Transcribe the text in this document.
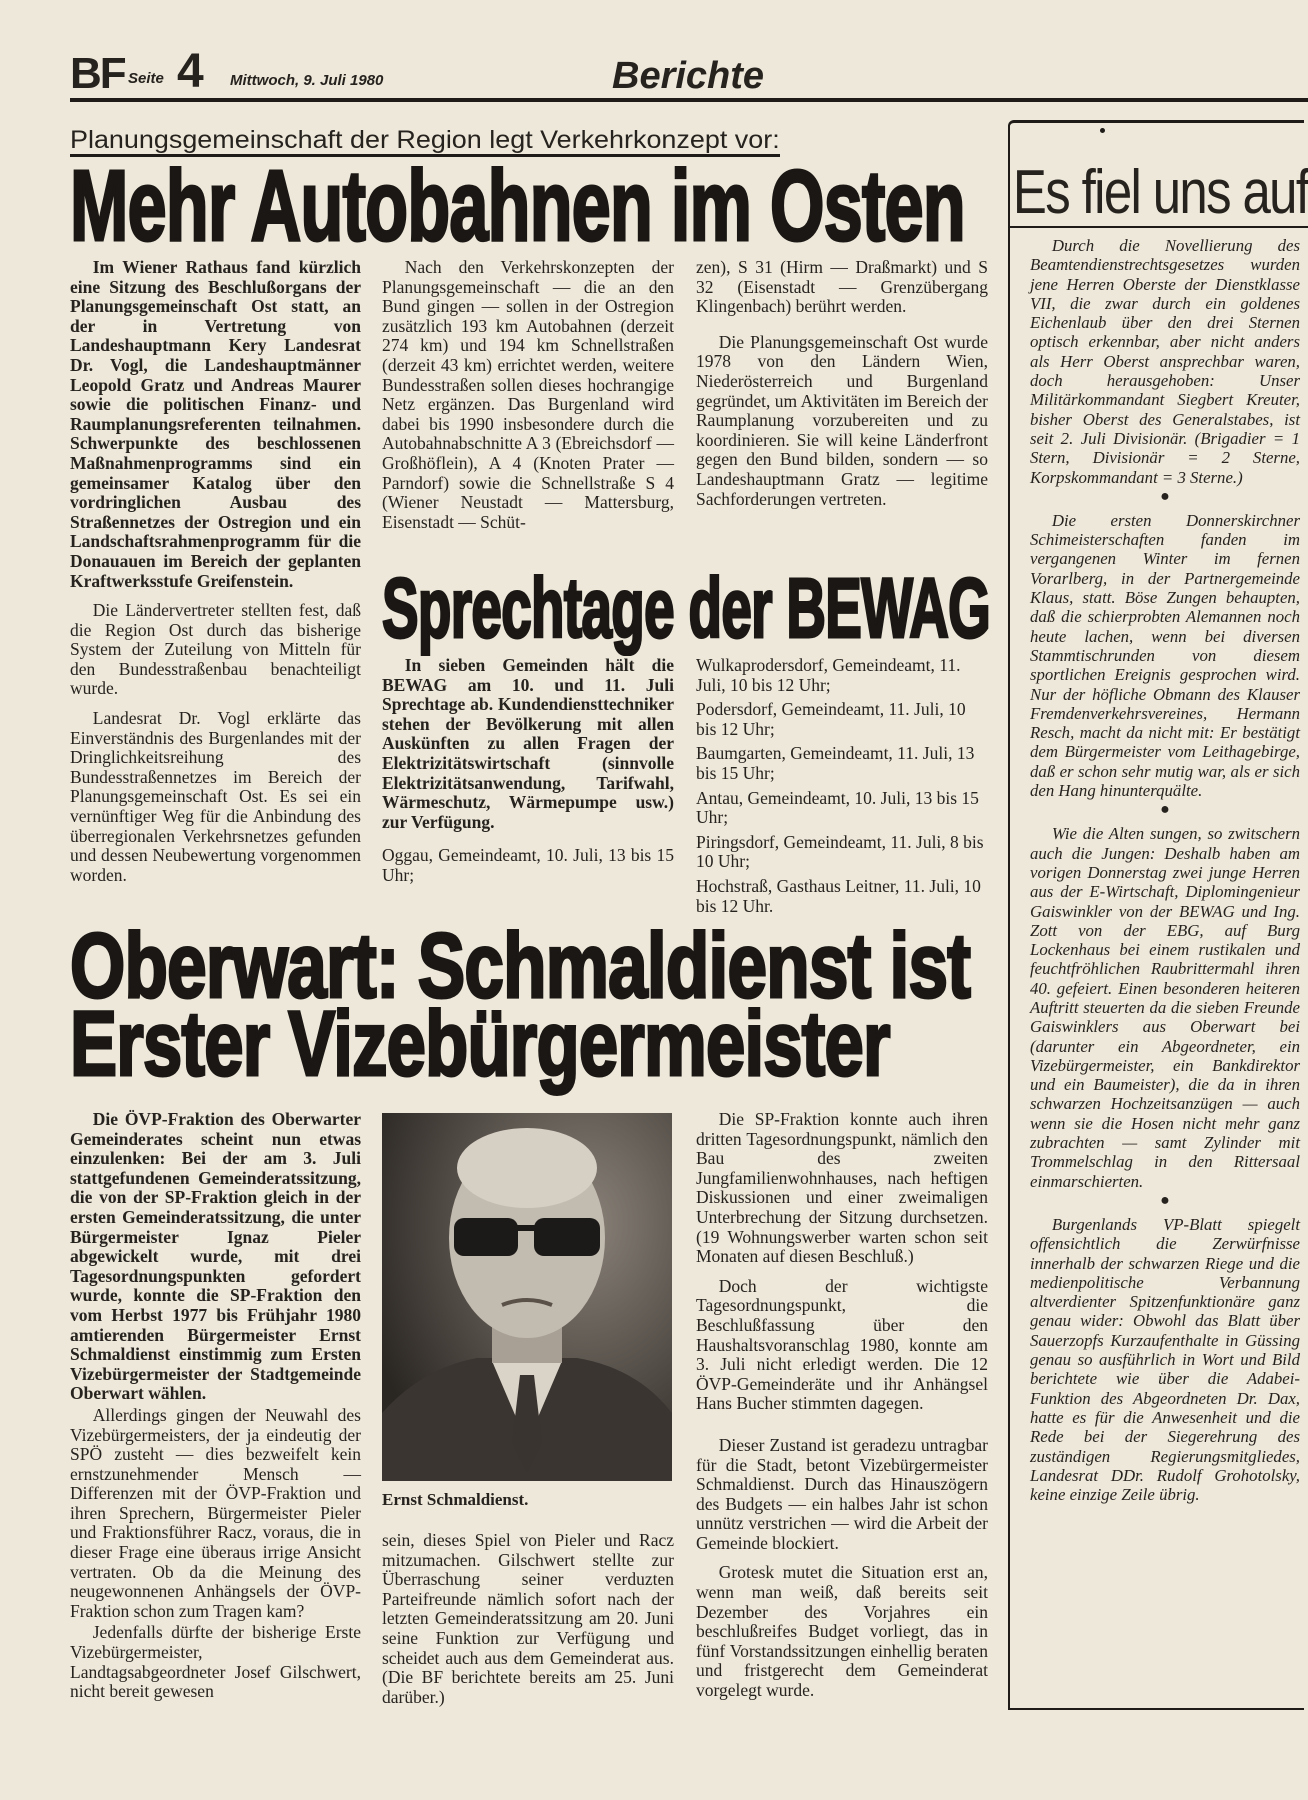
BF Seite 4 Mittwoch, 9. Juli 1980	Berichte
Planungsgemeinschaft der Region legt Verkehrkonzept vor:
Mehr Autobahnen im Osten

Im Wiener Rathaus fand kürzlich eine Sitzung des Beschlußorgans der Planungsgemeinschaft Ost statt, an der in Vertretung von Landeshauptmann Kery Landesrat Dr. Vogl, die Landeshauptmänner Leopold Gratz und Andreas Maurer sowie die politischen Finanz- und Raumplanungsreferenten teilnahmen. Schwerpunkte des beschlossenen Maßnahmenprogramms sind ein gemeinsamer Katalog über den vordringlichen Ausbau des Straßennetzes der Ostregion und ein Landschaftsrahmenprogramm für die Donauauen im Bereich der geplanten Kraftwerksstufe Greifenstein.

Die Ländervertreter stellten fest, daß die Region Ost durch das bisherige System der Zuteilung von Mitteln für den Bundesstraßenbau benachteiligt wurde.

Landesrat Dr. Vogl erklärte das Einverständnis des Burgenlandes mit der Dringlichkeitsreihung des Bundesstraßennetzes im Bereich der Planungsgemeinschaft Ost. Es sei ein vernünftiger Weg für die Anbindung des überregionalen Verkehrsnetzes gefunden und dessen Neubewertung vorgenommen worden.

Nach den Verkehrskonzepten der Planungsgemeinschaft — die an den Bund gingen — sollen in der Ostregion zusätzlich 193 km Autobahnen (derzeit 274 km) und 194 km Schnellstraßen (derzeit 43 km) errichtet werden, weitere Bundesstraßen sollen dieses hochrangige Netz ergänzen. Das Burgenland wird dabei bis 1990 insbesondere durch die Autobahnabschnitte A 3 (Ebreichsdorf — Großhöflein), A 4 (Knoten Prater — Parndorf) sowie die Schnellstraße S 4 (Wiener Neustadt — Mattersburg, Eisenstadt — Schüt-

zen), S 31 (Hirm — Draßmarkt) und S 32 (Eisenstadt — Grenzübergang Klingenbach) berührt werden.

Die Planungsgemeinschaft Ost wurde 1978 von den Ländern Wien, Niederösterreich und Burgenland gegründet, um Aktivitäten im Bereich der Raumplanung vorzubereiten und zu koordinieren. Sie will keine Länderfront gegen den Bund bilden, sondern — so Landeshauptmann Gratz — legitime Sachforderungen vertreten.

Sprechtage der BEWAG

In sieben Gemeinden hält die BEWAG am 10. und 11. Juli Sprechtage ab. Kundendiensttechniker stehen der Bevölkerung mit allen Auskünften zu allen Fragen der Elektrizitätswirtschaft (sinnvolle Elektrizitätsanwendung, Tarifwahl, Wärmeschutz, Wärmepumpe usw.) zur Verfügung.

Oggau, Gemeindeamt, 10. Juli, 13 bis 15 Uhr;

Wulkaprodersdorf, Gemeindeamt, 11. Juli, 10 bis 12 Uhr;

Podersdorf, Gemeindeamt, 11. Juli, 10 bis 12 Uhr;

Baumgarten, Gemeindeamt, 11. Juli, 13 bis 15 Uhr;

Antau, Gemeindeamt, 10. Juli, 13 bis 15 Uhr;

Piringsdorf, Gemeindeamt, 11. Juli, 8 bis 10 Uhr;

Hochstraß, Gasthaus Leitner, 11. Juli, 10 bis 12 Uhr.

Oberwart: Schmaldienst ist
Erster Vizebürgermeister

Die ÖVP-Fraktion des Oberwarter Gemeinderates scheint nun etwas einzulenken: Bei der am 3. Juli stattgefundenen Gemeinderatssitzung, die von der SP-Fraktion gleich in der ersten Gemeinderatssitzung, die unter Bürgermeister Ignaz Pieler abgewickelt wurde, mit drei Tagesordnungspunkten gefordert wurde, konnte die SP-Fraktion den vom Herbst 1977 bis Frühjahr 1980 amtierenden Bürgermeister Ernst Schmaldienst einstimmig zum Ersten Vizebürgermeister der Stadtgemeinde Oberwart wählen.

Allerdings gingen der Neuwahl des Vizebürgermeisters, der ja eindeutig der SPÖ zusteht — dies bezweifelt kein ernstzunehmender Mensch — Differenzen mit der ÖVP-Fraktion und ihren Sprechern, Bürgermeister Pieler und Fraktionsführer Racz, voraus, die in dieser Frage eine überaus irrige Ansicht vertraten. Ob da die Meinung des neugewonnenen Anhängsels der ÖVP-Fraktion schon zum Tragen kam?

Jedenfalls dürfte der bisherige Erste Vizebürgermeister, Landtagsabgeordneter Josef Gilschwert, nicht bereit gewesen

Ernst Schmaldienst.

sein, dieses Spiel von Pieler und Racz mitzumachen. Gilschwert stellte zur Überraschung seiner verduzten Parteifreunde nämlich sofort nach der letzten Gemeinderatssitzung am 20. Juni seine Funktion zur Verfügung und scheidet auch aus dem Gemeinderat aus. (Die BF berichtete bereits am 25. Juni darüber.)

Die SP-Fraktion konnte auch ihren dritten Tagesordnungspunkt, nämlich den Bau des zweiten Jungfamilienwohnhauses, nach heftigen Diskussionen und einer zweimaligen Unterbrechung der Sitzung durchsetzen. (19 Wohnungswerber warten schon seit Monaten auf diesen Beschluß.)

Doch der wichtigste Tagesordnungspunkt, die Beschlußfassung über den Haushaltsvoranschlag 1980, konnte am 3. Juli nicht erledigt werden. Die 12 ÖVP-Gemeinderäte und ihr Anhängsel Hans Bucher stimmten dagegen.

Dieser Zustand ist geradezu untragbar für die Stadt, betont Vizebürgermeister Schmaldienst. Durch das Hinauszögern des Budgets — ein halbes Jahr ist schon unnütz verstrichen — wird die Arbeit der Gemeinde blockiert.

Grotesk mutet die Situation erst an, wenn man weiß, daß bereits seit Dezember des Vorjahres ein beschlußreifes Budget vorliegt, das in fünf Vorstandssitzungen einhellig beraten und fristgerecht dem Gemeinderat vorgelegt wurde.

Es fiel uns auf

Durch die Novellierung des Beamtendienstrechtsgesetzes wurden jene Herren Oberste der Dienstklasse VII, die zwar durch ein goldenes Eichenlaub über den drei Sternen optisch erkennbar, aber nicht anders als Herr Oberst ansprechbar waren, doch herausgehoben: Unser Militärkommandant Siegbert Kreuter, bisher Oberst des Generalstabes, ist seit 2. Juli Divisionär. (Brigadier = 1 Stern, Divisionär = 2 Sterne, Korpskommandant = 3 Sterne.)

●

Die ersten Donnerskirchner Schimeisterschaften fanden im vergangenen Winter im fernen Vorarlberg, in der Partnergemeinde Klaus, statt. Böse Zungen behaupten, daß die schierprobten Alemannen noch heute lachen, wenn bei diversen Stammtischrunden von diesem sportlichen Ereignis gesprochen wird. Nur der höfliche Obmann des Klauser Fremdenverkehrsvereines, Hermann Resch, macht da nicht mit: Er bestätigt dem Bürgermeister vom Leithagebirge, daß er schon sehr mutig war, als er sich den Hang hinunterquälte.

●

Wie die Alten sungen, so zwitschern auch die Jungen: Deshalb haben am vorigen Donnerstag zwei junge Herren aus der E-Wirtschaft, Diplomingenieur Gaiswinkler von der BEWAG und Ing. Zott von der EBG, auf Burg Lockenhaus bei einem rustikalen und feuchtfröhlichen Raubrittermahl ihren 40. gefeiert. Einen besonderen heiteren Auftritt steuerten da die sieben Freunde Gaiswinklers aus Oberwart bei (darunter ein Abgeordneter, ein Vizebürgermeister, ein Bankdirektor und ein Baumeister), die da in ihren schwarzen Hochzeitsanzügen — auch wenn sie die Hosen nicht mehr ganz zubrachten — samt Zylinder mit Trommelschlag in den Rittersaal einmarschierten.

●

Burgenlands VP-Blatt spiegelt offensichtlich die Zerwürfnisse innerhalb der schwarzen Riege und die medienpolitische Verbannung altverdienter Spitzenfunktionäre ganz genau wider: Obwohl das Blatt über Sauerzopfs Kurzaufenthalte in Güssing genau so ausführlich in Wort und Bild berichtete wie über die Adabei-Funktion des Abgeordneten Dr. Dax, hatte es für die Anwesenheit und die Rede bei der Siegerehrung des zuständigen Regierungsmitgliedes, Landesrat DDr. Rudolf Grohotolsky, keine einzige Zeile übrig.
